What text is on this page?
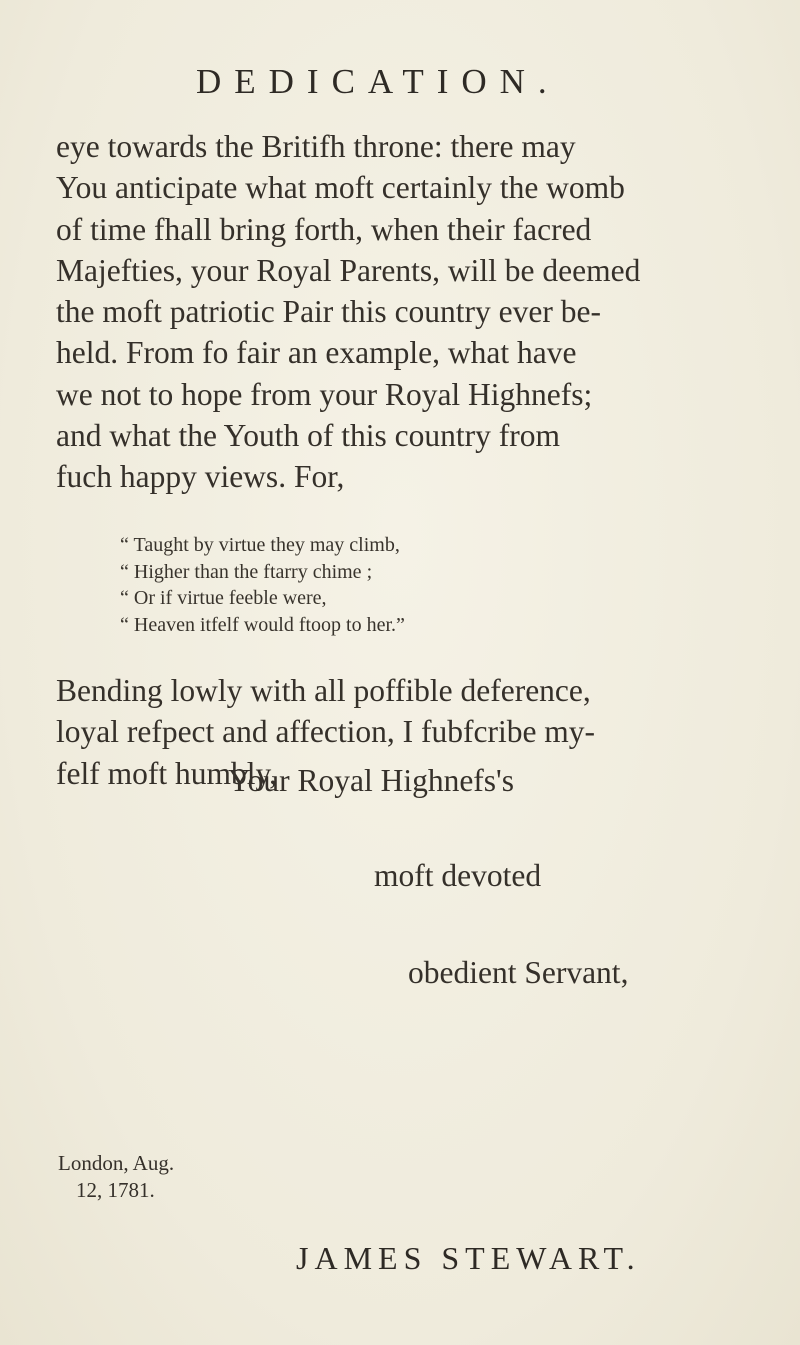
DEDICATION.
eye towards the Britifh throne: there may
You anticipate what moft certainly the womb
of time fhall bring forth, when their facred
Majefties, your Royal Parents, will be deemed
the moft patriotic Pair this country ever be-
held. From fo fair an example, what have
we not to hope from your Royal Highnefs;
and what the Youth of this country from
fuch happy views. For,
“ Taught by virtue they may climb,
“ Higher than the ftarry chime ;
“ Or if virtue feeble were,
“ Heaven itfelf would ftoop to her.”
Bending lowly with all poffible deference,
loyal refpect and affection, I fubfcribe my-
felf moft humbly,
Your Royal Highnefs's
moft devoted
obedient Servant,
London, Aug.
12, 1781.
JAMES STEWART.
